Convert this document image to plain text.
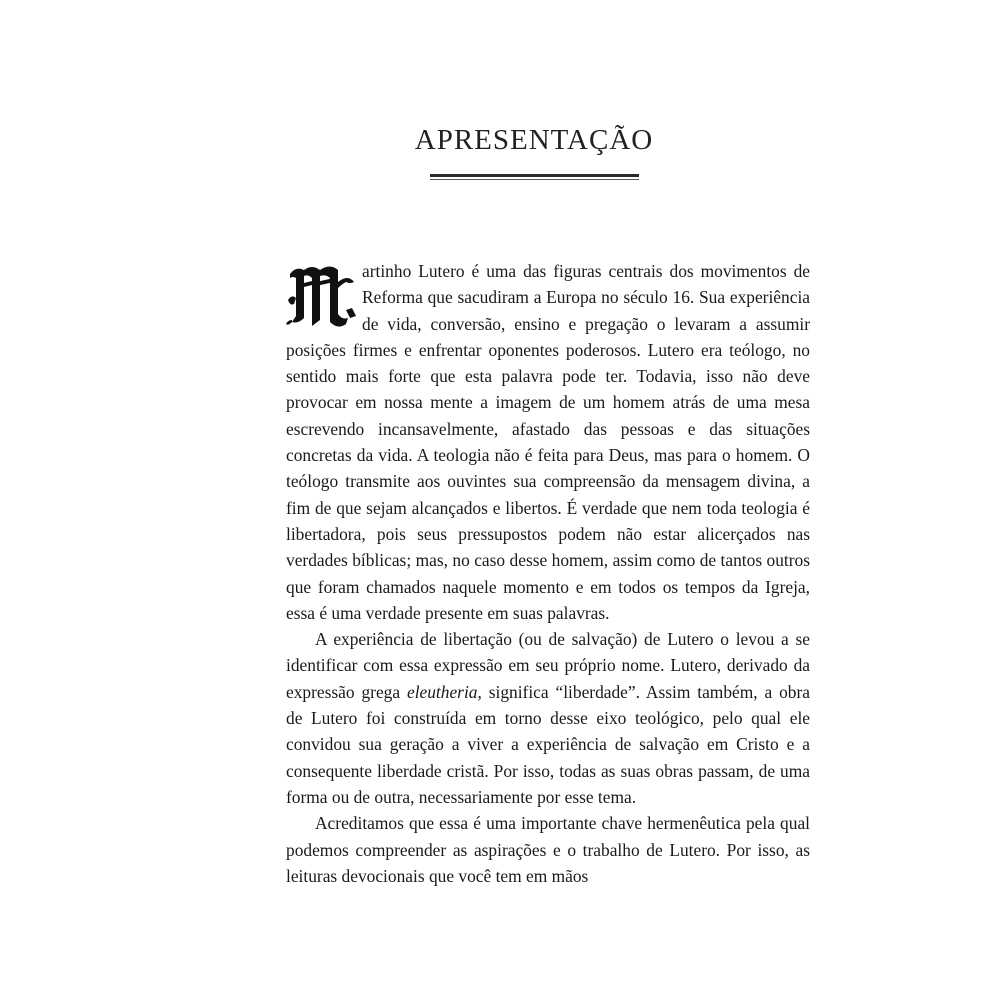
APRESENTAÇÃO

artinho Lutero é uma das figuras centrais dos movimentos de Reforma que sacudiram a Europa no século 16. Sua experiência de vida, conversão, ensino e pregação o levaram a assumir posições firmes e enfrentar oponentes poderosos. Lutero era teólogo, no sentido mais forte que esta palavra pode ter. Todavia, isso não deve provocar em nossa mente a imagem de um homem atrás de uma mesa escrevendo incansavelmente, afastado das pessoas e das situações concretas da vida. A teologia não é feita para Deus, mas para o homem. O teólogo transmite aos ouvintes sua compreensão da mensagem divina, a fim de que sejam alcançados e libertos. É verdade que nem toda teologia é libertadora, pois seus pressupostos podem não estar alicerçados nas verdades bíblicas; mas, no caso desse homem, assim como de tantos outros que foram chamados naquele momento e em todos os tempos da Igreja, essa é uma verdade presente em suas palavras.

A experiência de libertação (ou de salvação) de Lutero o levou a se identificar com essa expressão em seu próprio nome. Lutero, derivado da expressão grega eleutheria, significa “liberdade”. Assim também, a obra de Lutero foi construída em torno desse eixo teológico, pelo qual ele convidou sua geração a viver a experiência de salvação em Cristo e a consequente liberdade cristã. Por isso, todas as suas obras passam, de uma forma ou de outra, necessariamente por esse tema.

Acreditamos que essa é uma importante chave hermenêutica pela qual podemos compreender as aspirações e o trabalho de Lutero. Por isso, as leituras devocionais que você tem em mãos
